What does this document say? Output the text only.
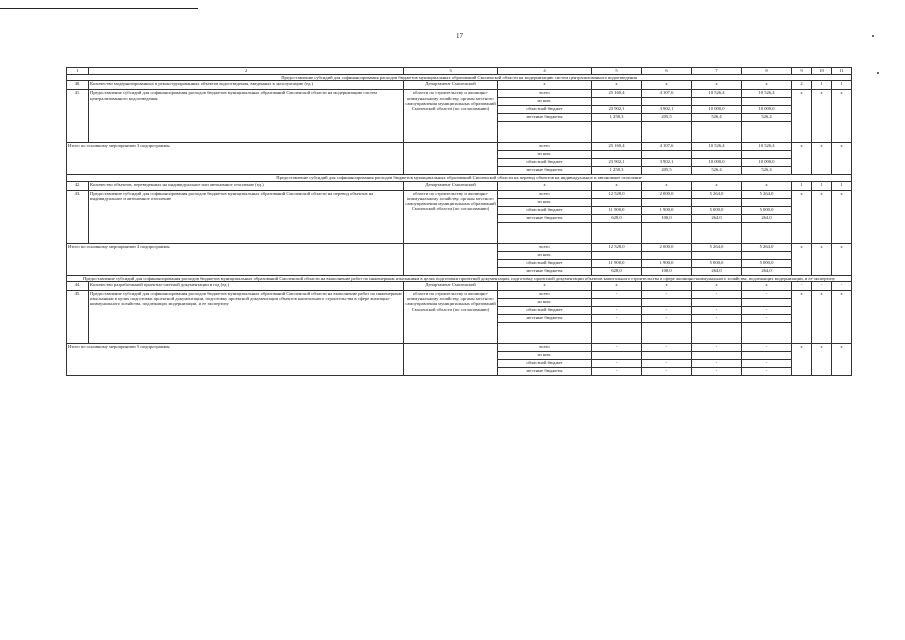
17
1	2	3	4	5	6	7	8	9	10	11
Предоставление субсидий для софинансирования расходов бюджетов муниципальных образований Смоленской области на модернизацию систем централизованного водоотведения										
40.	Количество модернизированных в реконструированных объектов водоотведения, введенных в эксплуатацию (ед.)	Департамент Смоленской	х	х	х	х	х	2	1	1
41.	Предоставление субсидий для софинансирования расходов бюджетов муниципальных образований Смоленской области на модернизацию систем централизованного водоотведения	области по строительству и жилищно-коммунальному хозяйству, органы местного самоуправления муниципальных образований Смоленской области (по согласованию)	всего	25 160,4	4 107,6	10 526,4	10 526,4	х	х	х
			из них:							
			областной бюджет	23 902,1	3 902,1	10 000,0	10 000,0			
			местные бюджеты	1 258,3	205,5	526,4	526,4			

Итого по основному мероприятию 3 подпрограммы			всего	25 160,4	4 107,6	10 526,4	10 526,4	х	х	х
			из них:							
			областной бюджет	23 902,1	3 902,1	10 000,0	10 000,0			
			местные бюджеты	1 258,3	205,5	526,4	526,4			
Предоставление субсидий для софинансирования расходов бюджетов муниципальных образований Смоленской области на перевод объектов на индивидуальное и автономное отопление										
42.	Количество объектов, переведенных на индивидуальное или автономное отопление (ед.)	Департамент Смоленской	х	х	х	х	х	1	1	1
43.	Предоставление субсидий для софинансирования расходов бюджетов муниципальных образований Смоленской области на перевод объектов на индивидуальное и автономное отопление	области по строительству и жилищно-коммунальному хозяйству, органы местного самоуправления муниципальных образований Смоленской области (по согласованию)	всего	12 528,0	2 000,0	5 264,0	5 264,0	х	х	х
			из них:							
			областной бюджет	11 900,0	1 900,0	5 000,0	5 000,0			
			местные бюджеты	628,0	100,0	264,0	264,0			

Итого по основному мероприятию 4 подпрограммы			всего	12 528,0	2 000,0	5 264,0	5 264,0	х	х	х
			из них:							
			областной бюджет	11 900,0	1 900,0	5 000,0	5 000,0			
			местные бюджеты	628,0	100,0	264,0	264,0			
Предоставление субсидий для софинансирования расходов бюджетов муниципальных образований Смоленской области на выполнение работ по инженерным изысканиям в целях подготовки проектной документации, подготовку проектной документации объектов капитального строительства в сфере жилищно-коммунального хозяйства, подлежащих модернизации, и ее экспертизу										
44.	Количество разработанной проектно-сметной документации в год (ед.)	Департамент Смоленской	х	х	х	х	х	-	-	-
45.	Предоставление субсидий для софинансирования расходов бюджетов муниципальных образований Смоленской области на выполнение работ по инженерным изысканиям в целях подготовки проектной документации, подготовку проектной документации объектов капитального строительства в сфере жилищно-коммунального хозяйства, подлежащих модернизации, и ее экспертизу	области по строительству и жилищно-коммунальному хозяйству, органы местного самоуправления муниципальных образований Смоленской области (по согласованию)	всего	-	-	-	-	х	х	х
			из них:							
			областной бюджет	-	-	-	-			
			местные бюджеты	-	-	-	-			

Итого по основному мероприятию 5 подпрограммы			всего	-	-	-	-	х	х	х
			из них:							
			областной бюджет	-	-	-	-			
			местные бюджеты	-	-	-	-			
